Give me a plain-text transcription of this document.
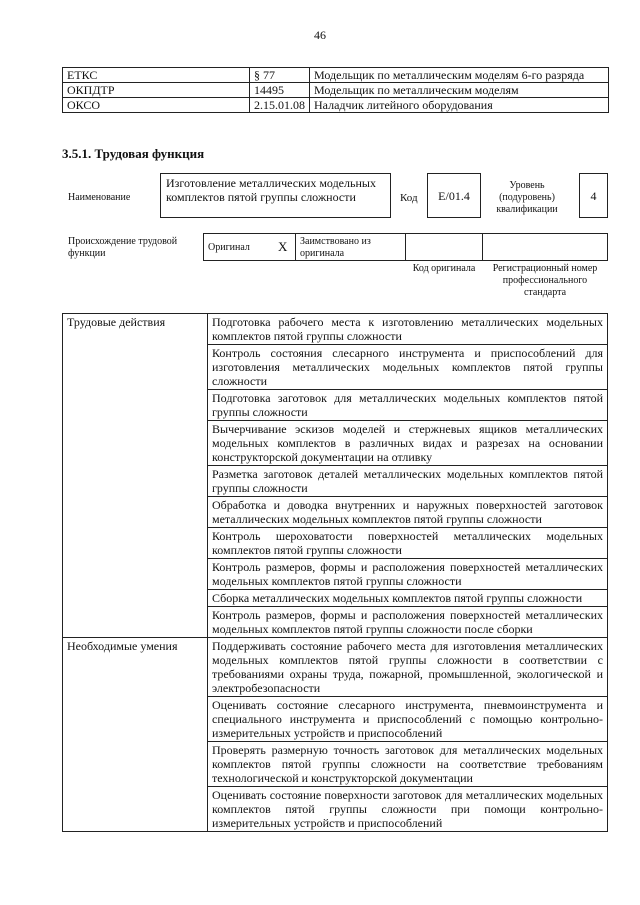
46
ЕТКС	§ 77	Модельщик по металлическим моделям 6-го разряда
ОКПДТР	14495	Модельщик по металлическим моделям
ОКСО	2.15.01.08	Наладчик литейного оборудования
3.5.1. Трудовая функция
Наименование
Изготовление металлических модельных комплектов пятой группы сложности	Код	E/01.4
Уровень (подуровень) квалификации
4
Происхождение трудовой функции
Оригинал X Заимствовано из оригинала
Код оригинала	Регистрационный номер профессионального стандарта
Трудовые действия	Подготовка рабочего места к изготовлению металлических модельных комплектов пятой группы сложности
	Контроль состояния слесарного инструмента и приспособлений для изготовления металлических модельных комплектов пятой группы сложности
	Подготовка заготовок для металлических модельных комплектов пятой группы сложности
	Вычерчивание эскизов моделей и стержневых ящиков металлических модельных комплектов в различных видах и разрезах на основании конструкторской документации на отливку
	Разметка заготовок деталей металлических модельных комплектов пятой группы сложности
	Обработка и доводка внутренних и наружных поверхностей заготовок металлических модельных комплектов пятой группы сложности
	Контроль шероховатости поверхностей металлических модельных комплектов пятой группы сложности
	Контроль размеров, формы и расположения поверхностей металлических модельных комплектов пятой группы сложности
	Сборка металлических модельных комплектов пятой группы сложности
	Контроль размеров, формы и расположения поверхностей металлических модельных комплектов пятой группы сложности после сборки
Необходимые умения	Поддерживать состояние рабочего места для изготовления металлических модельных комплектов пятой группы сложности в соответствии с требованиями охраны труда, пожарной, промышленной, экологической и электробезопасности
	Оценивать состояние слесарного инструмента, пневмоинструмента и специального инструмента и приспособлений с помощью контрольно-измерительных устройств и приспособлений
	Проверять размерную точность заготовок для металлических модельных комплектов пятой группы сложности на соответствие требованиям технологической и конструкторской документации
	Оценивать состояние поверхности заготовок для металлических модельных комплектов пятой группы сложности при помощи контрольно-измерительных устройств и приспособлений
